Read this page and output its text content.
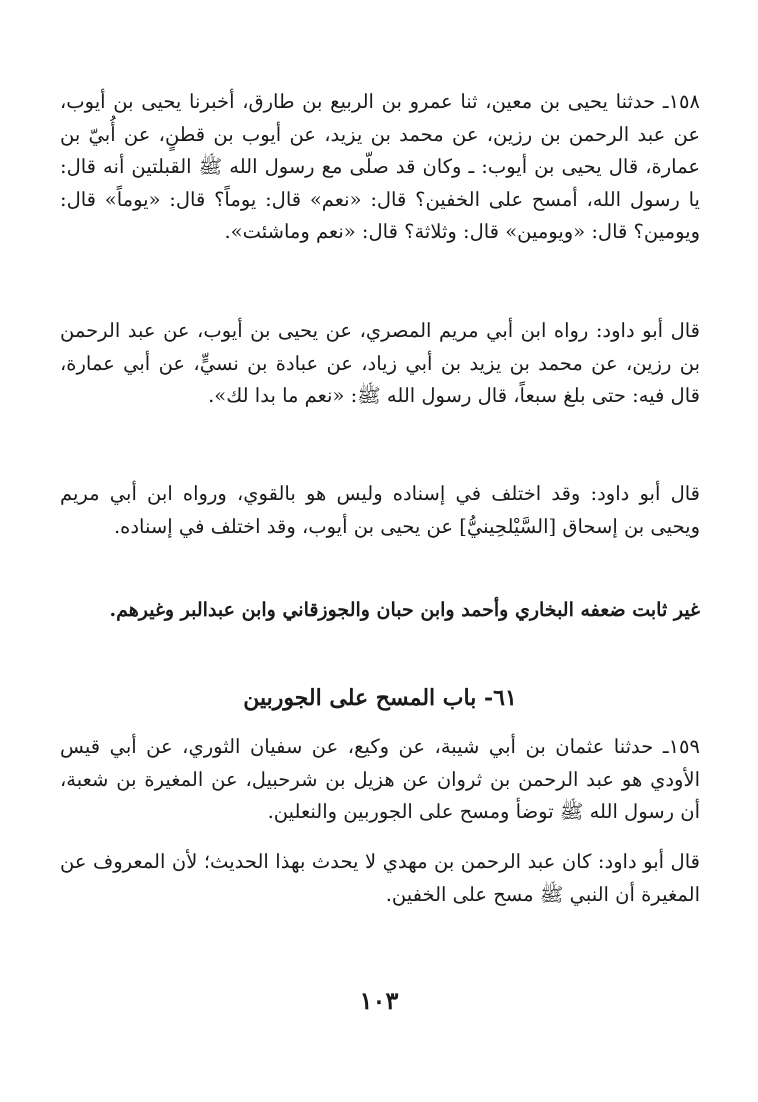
١٥٨ـ حدثنا يحيى بن معين، ثنا عمرو بن الربيع بن طارق، أخبرنا يحيى بن أيوب، عن عبد الرحمن بن رزين، عن محمد بن يزيد، عن أيوب بن قطنٍ، عن أُبيّ بن عمارة، قال يحيى بن أيوب: ـ وكان قد صلّى مع رسول الله ﷺ القبلتين أنه قال: يا رسول الله، أمسح على الخفين؟ قال: «نعم» قال: يوماً؟ قال: «يوماً» قال: ويومين؟ قال: «ويومين» قال: وثلاثة؟ قال: «نعم وماشئت».

قال أبو داود: رواه ابن أبي مريم المصري، عن يحيى بن أيوب، عن عبد الرحمن بن رزين، عن محمد بن يزيد بن أبي زياد، عن عبادة بن نسيٍّ، عن أبي عمارة، قال فيه: حتى بلغ سبعاً، قال رسول الله ﷺ: «نعم ما بدا لك».

قال أبو داود: وقد اختلف في إسناده وليس هو بالقوي، ورواه ابن أبي مريم ويحيى بن إسحاق [السَّيْلحِينيُّ] عن يحيى بن أيوب، وقد اختلف في إسناده.

غير ثابت ضعفه البخاري وأحمد وابن حبان والجوزقاني وابن عبدالبر وغيرهم.

٦١- باب المسح على الجوربين

١٥٩ـ حدثنا عثمان بن أبي شيبة، عن وكيع، عن سفيان الثوري، عن أبي قيس الأودي هو عبد الرحمن بن ثروان عن هزيل بن شرحبيل، عن المغيرة بن شعبة، أن رسول الله ﷺ توضأ ومسح على الجوربين والنعلين.

قال أبو داود: كان عبد الرحمن بن مهدي لا يحدث بهذا الحديث؛ لأن المعروف عن المغيرة أن النبي ﷺ مسح على الخفين.

١٠٣
